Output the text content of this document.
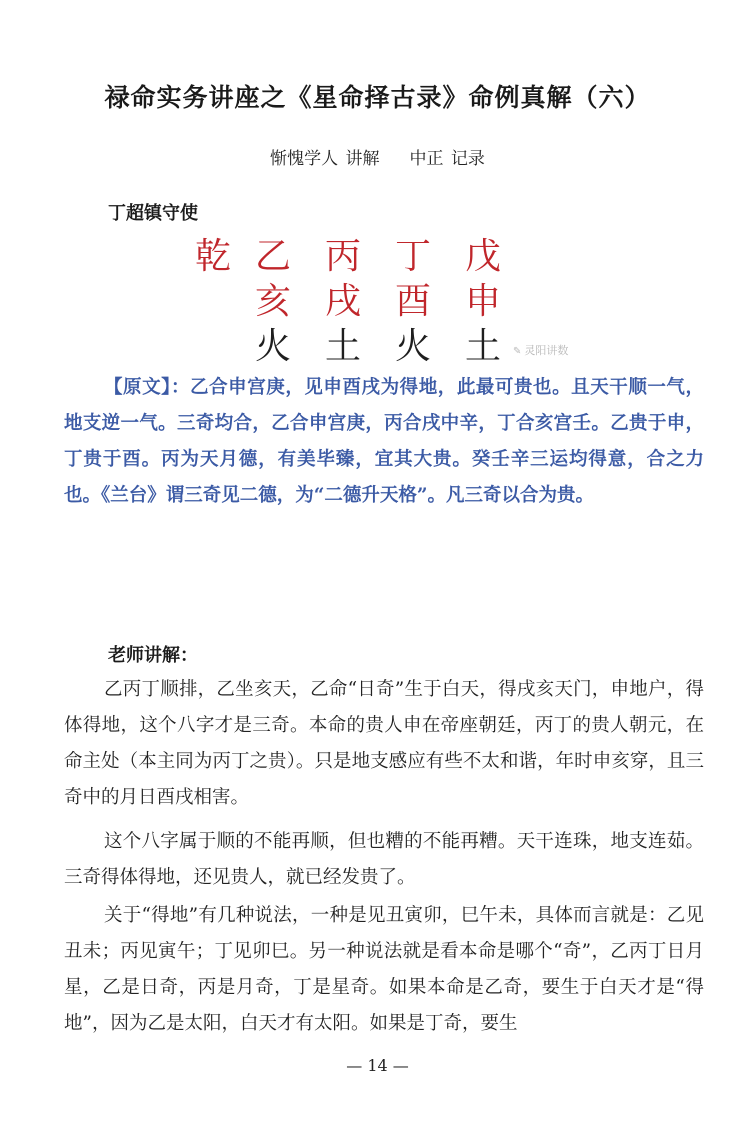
禄命实务讲座之《星命择古录》命例真解（六）
惭愧学人 讲解 中正 记录
丁超镇守使
乾 乙 丙 丁 戊
亥 戌 酉 申
火 土 火 土	✎ 灵阳讲数
【原文】：乙合申宫庚，见申酉戌为得地，此最可贵也。且天干顺一气，地支逆一气。三奇均合，乙合申宫庚，丙合戌中辛，丁合亥宫壬。乙贵于申，丁贵于酉。丙为天月德，有美毕臻，宜其大贵。癸壬辛三运均得意，合之力也。《兰台》谓三奇见二德，为“二德升天格”。凡三奇以合为贵。
老师讲解：
乙丙丁顺排，乙坐亥天，乙命“日奇”生于白天，得戌亥天门，申地户，得体得地，这个八字才是三奇。本命的贵人申在帝座朝廷，丙丁的贵人朝元，在命主处（本主同为丙丁之贵）。只是地支感应有些不太和谐，年时申亥穿，且三奇中的月日酉戌相害。
这个八字属于顺的不能再顺，但也糟的不能再糟。天干连珠，地支连茹。三奇得体得地，还见贵人，就已经发贵了。
关于“得地”有几种说法，一种是见丑寅卯，巳午未，具体而言就是：乙见丑未；丙见寅午；丁见卯巳。另一种说法就是看本命是哪个“奇”，乙丙丁日月星，乙是日奇，丙是月奇，丁是星奇。如果本命是乙奇，要生于白天才是“得地”，因为乙是太阳，白天才有太阳。如果是丁奇，要生
— 14 —
